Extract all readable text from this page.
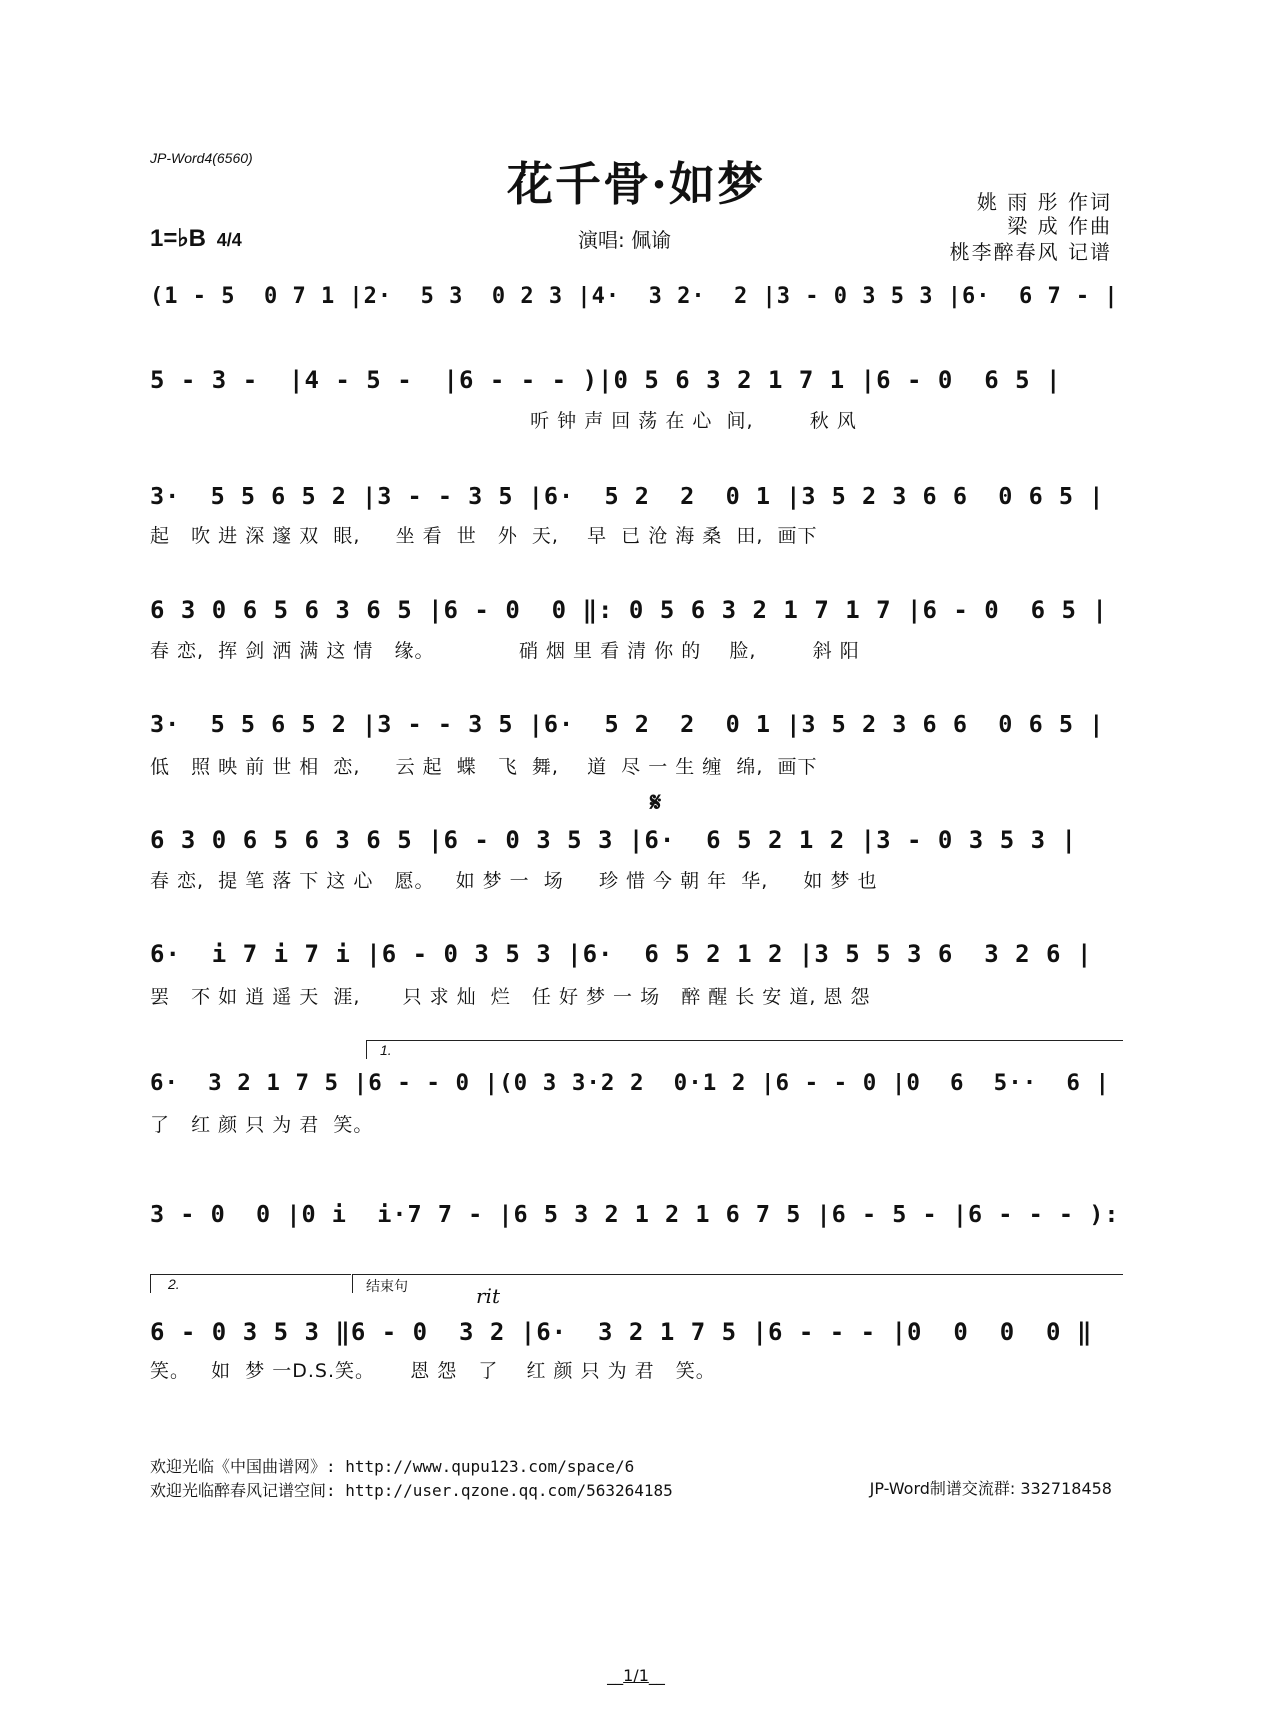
JP-Word4(6560)	花千骨·如梦	姚 雨 彤 作词
梁 成 作曲
桃李醉春风 记谱
1=♭B 4/4	演唱: 佩谕
(1 - 5  0 7 1 |2·  5 3  0 2 3 |4·  3 2·  2 |3 - 0 3 5 3 |6·  6 7 - |
5 - 3 -  |4 - 5 -  |6 - - - )|0 5 6 3 2 1 7 1 |6 - 0  6 5 |
听 钟 声 回 荡 在 心  间,        秋 风
3·  5 5 6 5 2 |3 - - 3 5 |6·  5 2  2  0 1 |3 5 2 3 6 6  0 6 5 |
起   吹 进 深 邃 双  眼,     坐 看  世   外  天,    早  已 沧 海 桑  田,  画下
6 3 0 6 5 6 3 6 5 |6 - 0  0 ‖: 0 5 6 3 2 1 7 1 7 |6 - 0  6 5 |
春 恋,  挥 剑 洒 满 这 情   缘。            硝 烟 里 看 清 你 的    脸,        斜 阳
3·  5 5 6 5 2 |3 - - 3 5 |6·  5 2  2  0 1 |3 5 2 3 6 6  0 6 5 |
低   照 映 前 世 相  恋,     云 起  蝶   飞  舞,    道  尽 一 生 缠  绵,  画下
6 3 0 6 5 6 3 6 5 |6 - 0 3 5 3 |6·  6 5 2 1 2 |3 - 0 3 5 3 |
春 恋,  提 笔 落 下 这 心   愿。   如 梦 一  场     珍 惜 今 朝 年  华,     如 梦 也
6·  i 7 i 7 i |6 - 0 3 5 3 |6·  6 5 2 1 2 |3 5 5 3 6  3 2 6 |
罢   不 如 逍 遥 天  涯,      只 求 灿  烂   任 好 梦 一 场   醉 醒 长 安 道, 恩 怨
6·  3 2 1 7 5 |6 - - 0 |(0 3 3·2 2  0·1 2 |6 - - 0 |0  6  5··  6 |
了   红 颜 只 为 君  笑。
3 - 0  0 |0 i  i·7 7 - |6 5 3 2 1 2 1 6 7 5 |6 - 5 - |6 - - - ):
6 - 0 3 5 3 ‖6 - 0  3 2 |6·  3 2 1 7 5 |6 - - - |0  0  0  0 ‖
笑。   如  梦 一D.S.笑。     恩 怨   了    红 颜 只 为 君   笑。
1.
2.	结束句	rit
𝄋
欢迎光临《中国曲谱网》: http://www.qupu123.com/space/6
欢迎光临醉春风记谱空间: http://user.qzone.qq.com/563264185	JP-Word制谱交流群: 332718458
__1/1__
